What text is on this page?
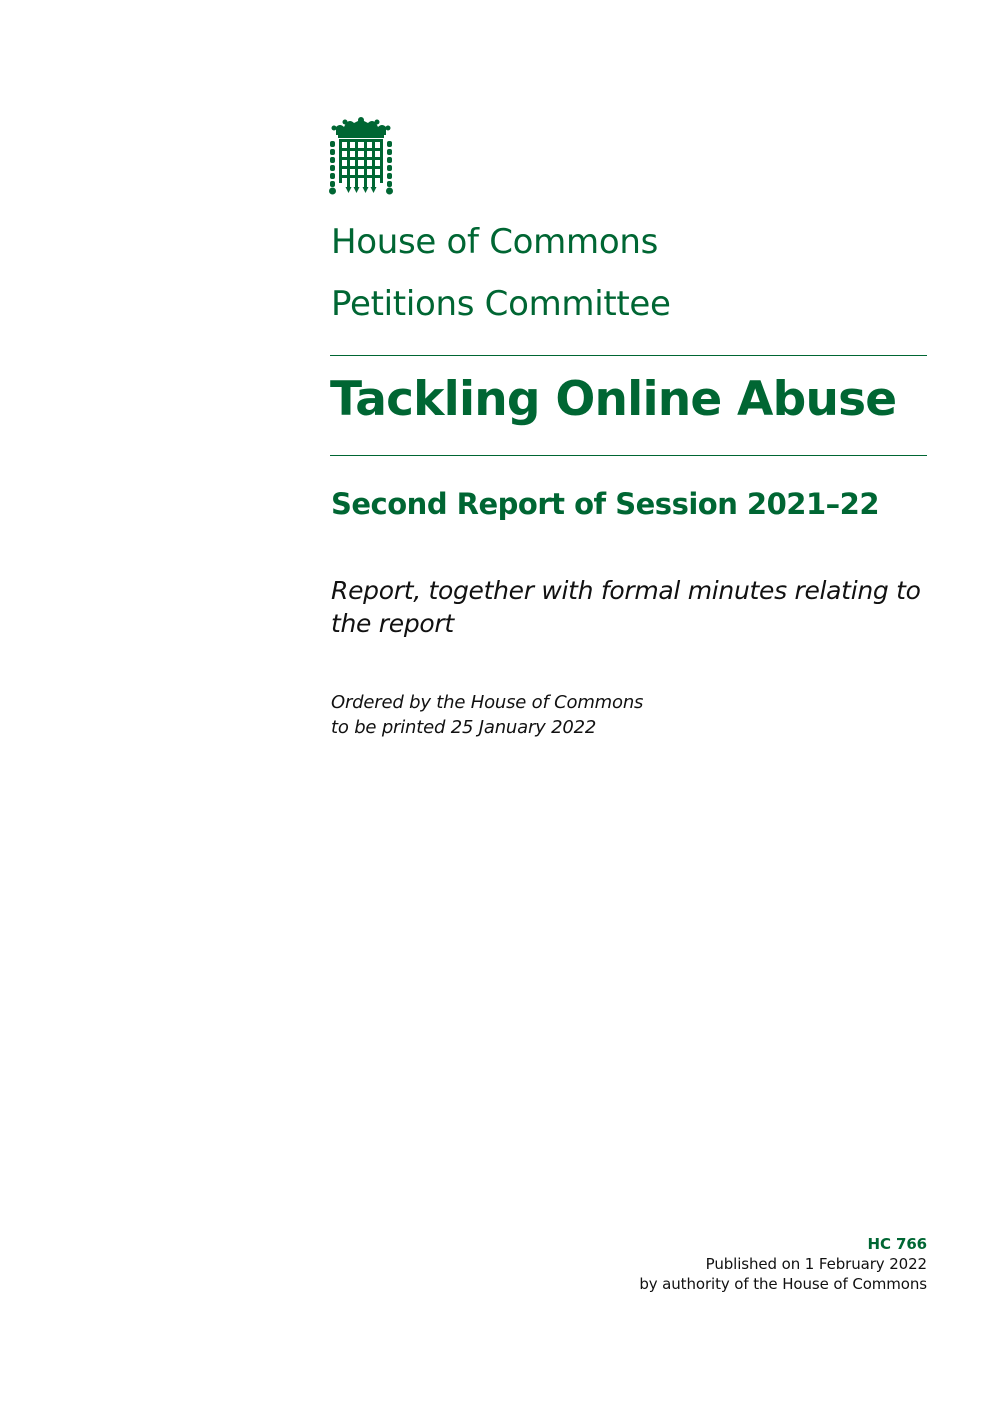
House of Commons
Petitions Committee
Tackling Online Abuse
Second Report of Session 2021–22
Report, together with formal minutes relating to the report
Ordered by the House of Commons
to be printed 25 January 2022
HC 766
Published on 1 February 2022
by authority of the House of Commons
